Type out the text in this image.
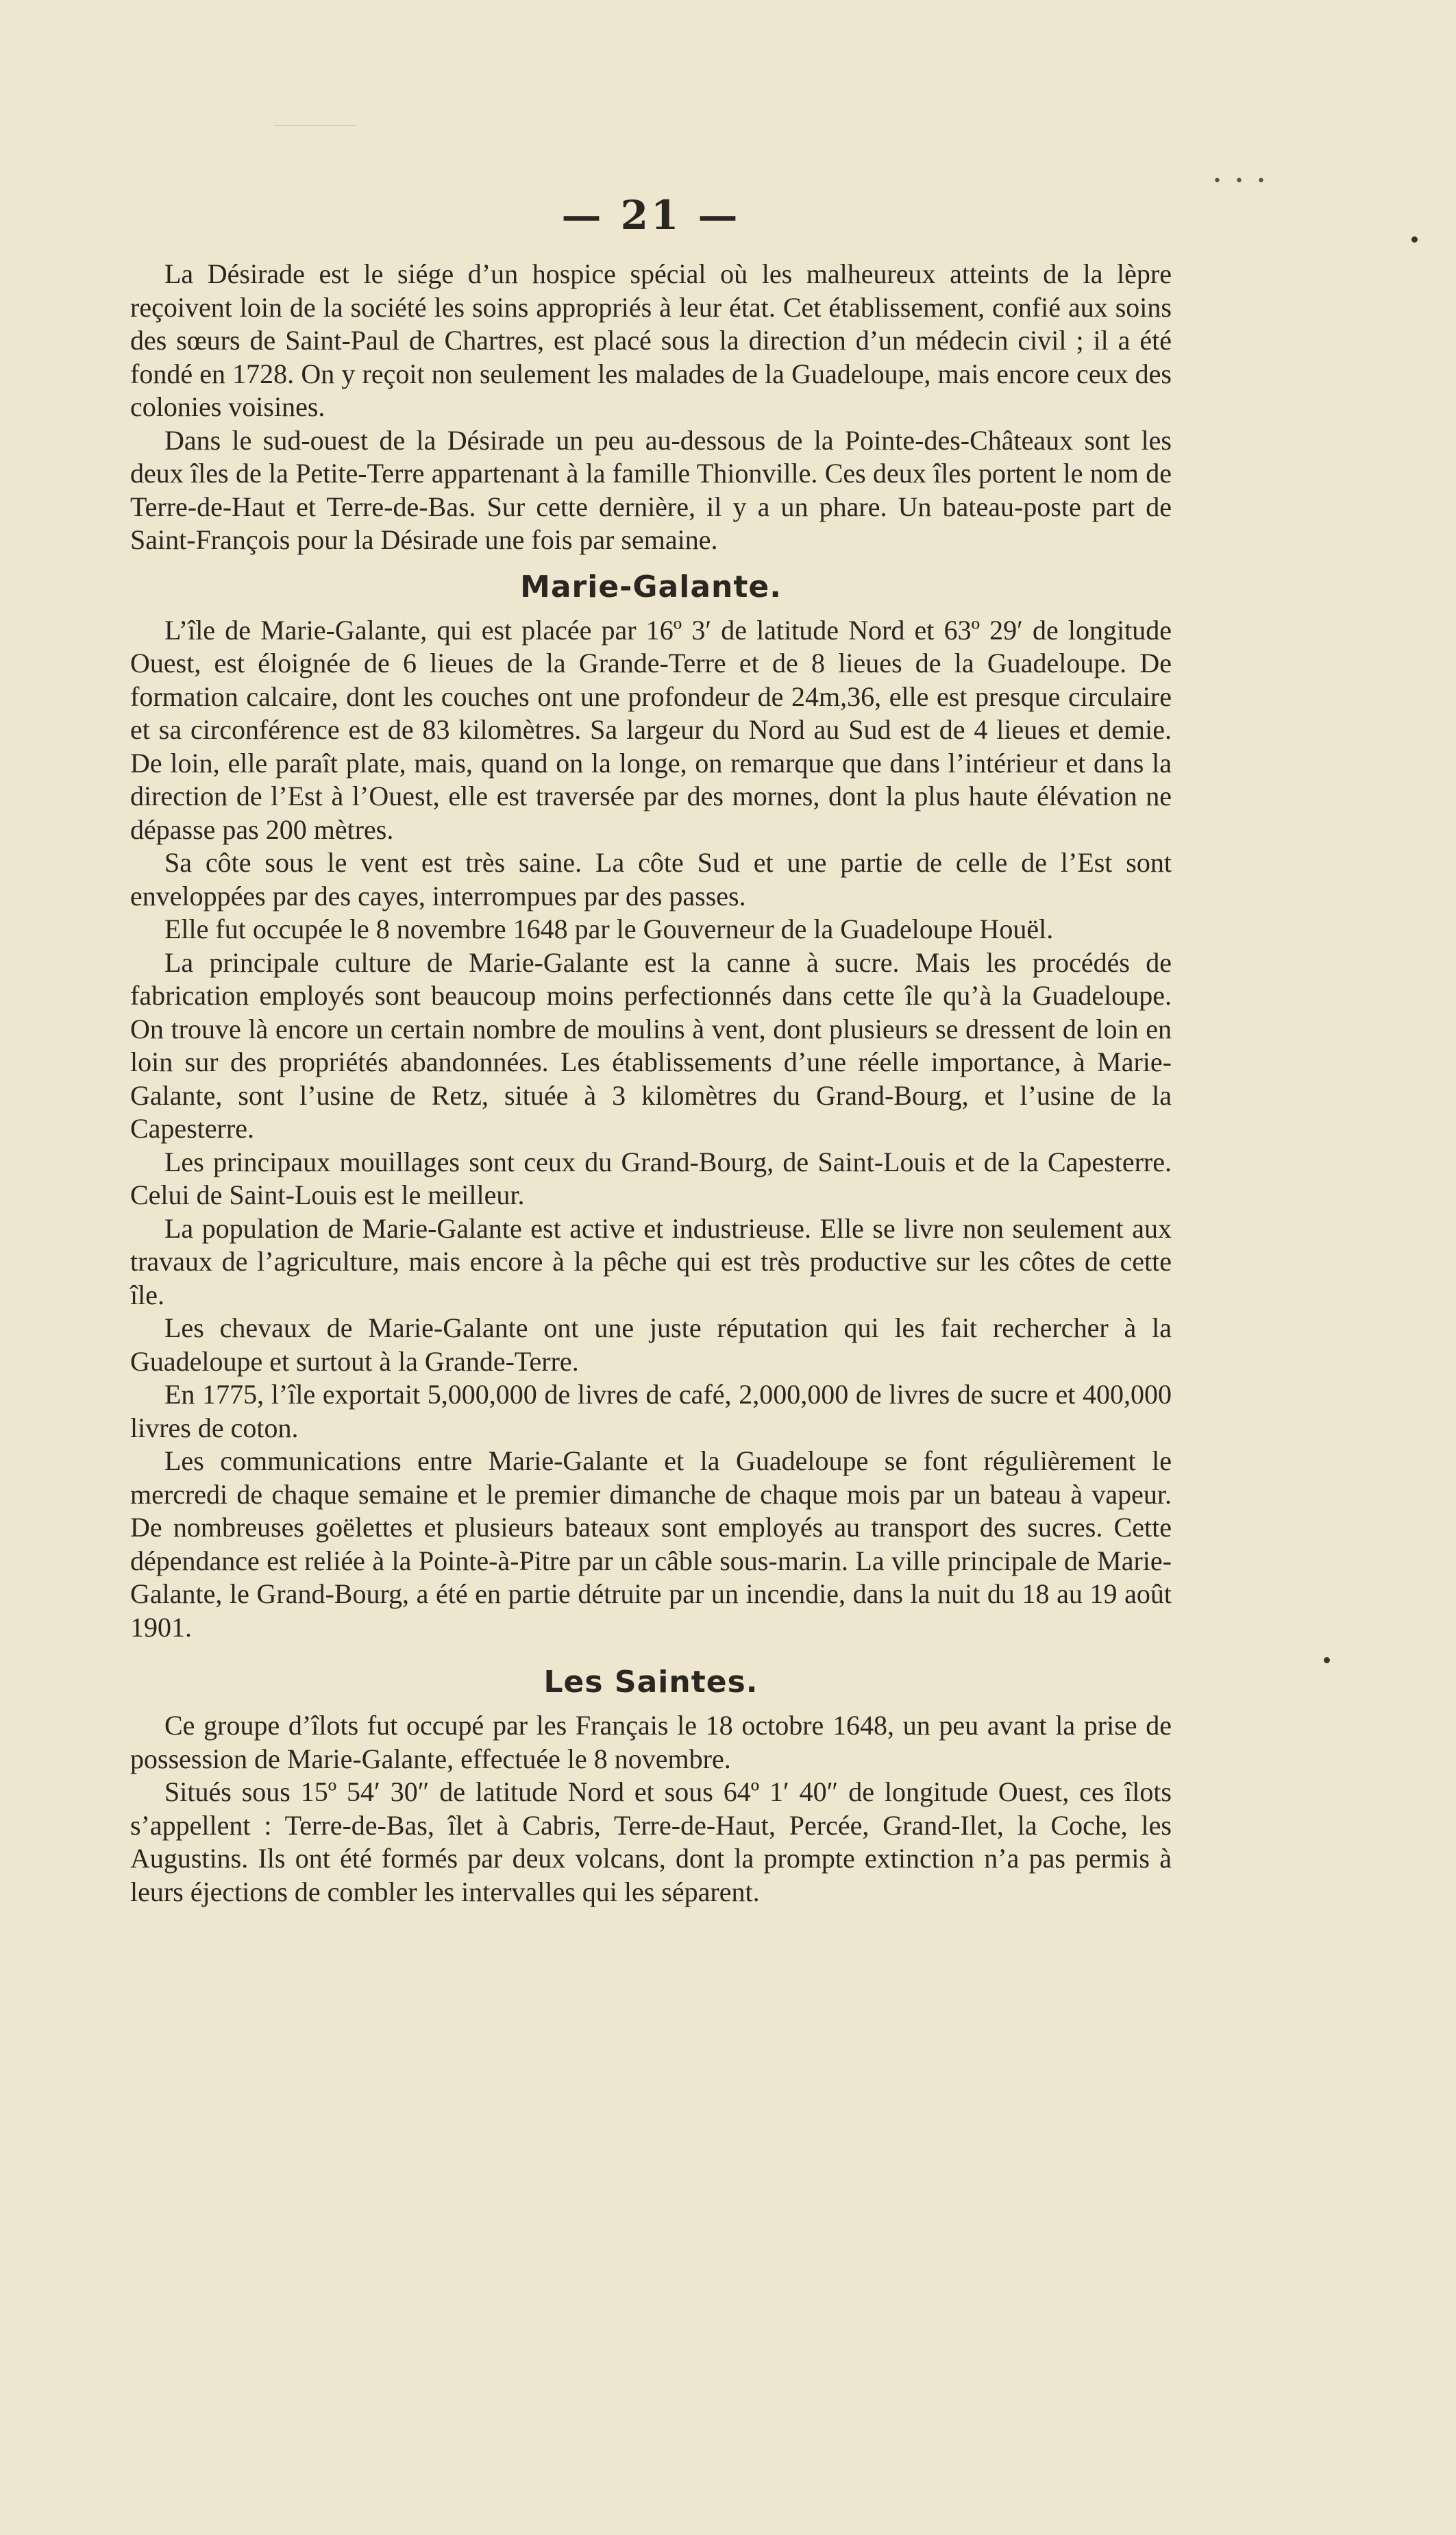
• • •
— 21 —

La Désirade est le siége d’un hospice spécial où les malheureux atteints de la lèpre reçoivent loin de la société les soins appropriés à leur état. Cet établissement, confié aux soins des sœurs de Saint-Paul de Chartres, est placé sous la direction d’un médecin civil ; il a été fondé en 1728. On y reçoit non seulement les malades de la Guadeloupe, mais encore ceux des colonies voisines.

Dans le sud-ouest de la Désirade un peu au-dessous de la Pointe-des-Châteaux sont les deux îles de la Petite-Terre appartenant à la famille Thionville. Ces deux îles portent le nom de Terre-de-Haut et Terre-de-Bas. Sur cette dernière, il y a un phare. Un bateau-poste part de Saint-François pour la Désirade une fois par semaine.

Marie-Galante.

L’île de Marie-Galante, qui est placée par 16º 3′ de latitude Nord et 63º 29′ de longitude Ouest, est éloignée de 6 lieues de la Grande-Terre et de 8 lieues de la Guadeloupe. De formation calcaire, dont les couches ont une profondeur de 24m,36, elle est presque circulaire et sa circonférence est de 83 kilomètres. Sa largeur du Nord au Sud est de 4 lieues et demie. De loin, elle paraît plate, mais, quand on la longe, on remarque que dans l’intérieur et dans la direction de l’Est à l’Ouest, elle est traversée par des mornes, dont la plus haute élévation ne dépasse pas 200 mètres.

Sa côte sous le vent est très saine. La côte Sud et une partie de celle de l’Est sont enveloppées par des cayes, interrompues par des passes.

Elle fut occupée le 8 novembre 1648 par le Gouverneur de la Guadeloupe Houël.

La principale culture de Marie-Galante est la canne à sucre. Mais les procédés de fabrication employés sont beaucoup moins perfectionnés dans cette île qu’à la Guadeloupe. On trouve là encore un certain nombre de moulins à vent, dont plusieurs se dressent de loin en loin sur des propriétés abandonnées. Les établissements d’une réelle importance, à Marie-Galante, sont l’usine de Retz, située à 3 kilomètres du Grand-Bourg, et l’usine de la Capesterre.

Les principaux mouillages sont ceux du Grand-Bourg, de Saint-Louis et de la Capesterre. Celui de Saint-Louis est le meilleur.

La population de Marie-Galante est active et industrieuse. Elle se livre non seulement aux travaux de l’agriculture, mais encore à la pêche qui est très productive sur les côtes de cette île.

Les chevaux de Marie-Galante ont une juste réputation qui les fait rechercher à la Guadeloupe et surtout à la Grande-Terre.

En 1775, l’île exportait 5,000,000 de livres de café, 2,000,000 de livres de sucre et 400,000 livres de coton.

Les communications entre Marie-Galante et la Guadeloupe se font régulièrement le mercredi de chaque semaine et le premier dimanche de chaque mois par un bateau à vapeur. De nombreuses goëlettes et plusieurs bateaux sont employés au transport des sucres. Cette dépendance est reliée à la Pointe-à-Pitre par un câble sous-marin. La ville principale de Marie-Galante, le Grand-Bourg, a été en partie détruite par un incendie, dans la nuit du 18 au 19 août 1901.

Les Saintes.

Ce groupe d’îlots fut occupé par les Français le 18 octobre 1648, un peu avant la prise de possession de Marie-Galante, effectuée le 8 novembre.

Situés sous 15º 54′ 30″ de latitude Nord et sous 64º 1′ 40″ de longitude Ouest, ces îlots s’appellent : Terre-de-Bas, îlet à Cabris, Terre-de-Haut, Percée, Grand-Ilet, la Coche, les Augustins. Ils ont été formés par deux volcans, dont la prompte extinction n’a pas permis à leurs éjections de combler les intervalles qui les séparent.
